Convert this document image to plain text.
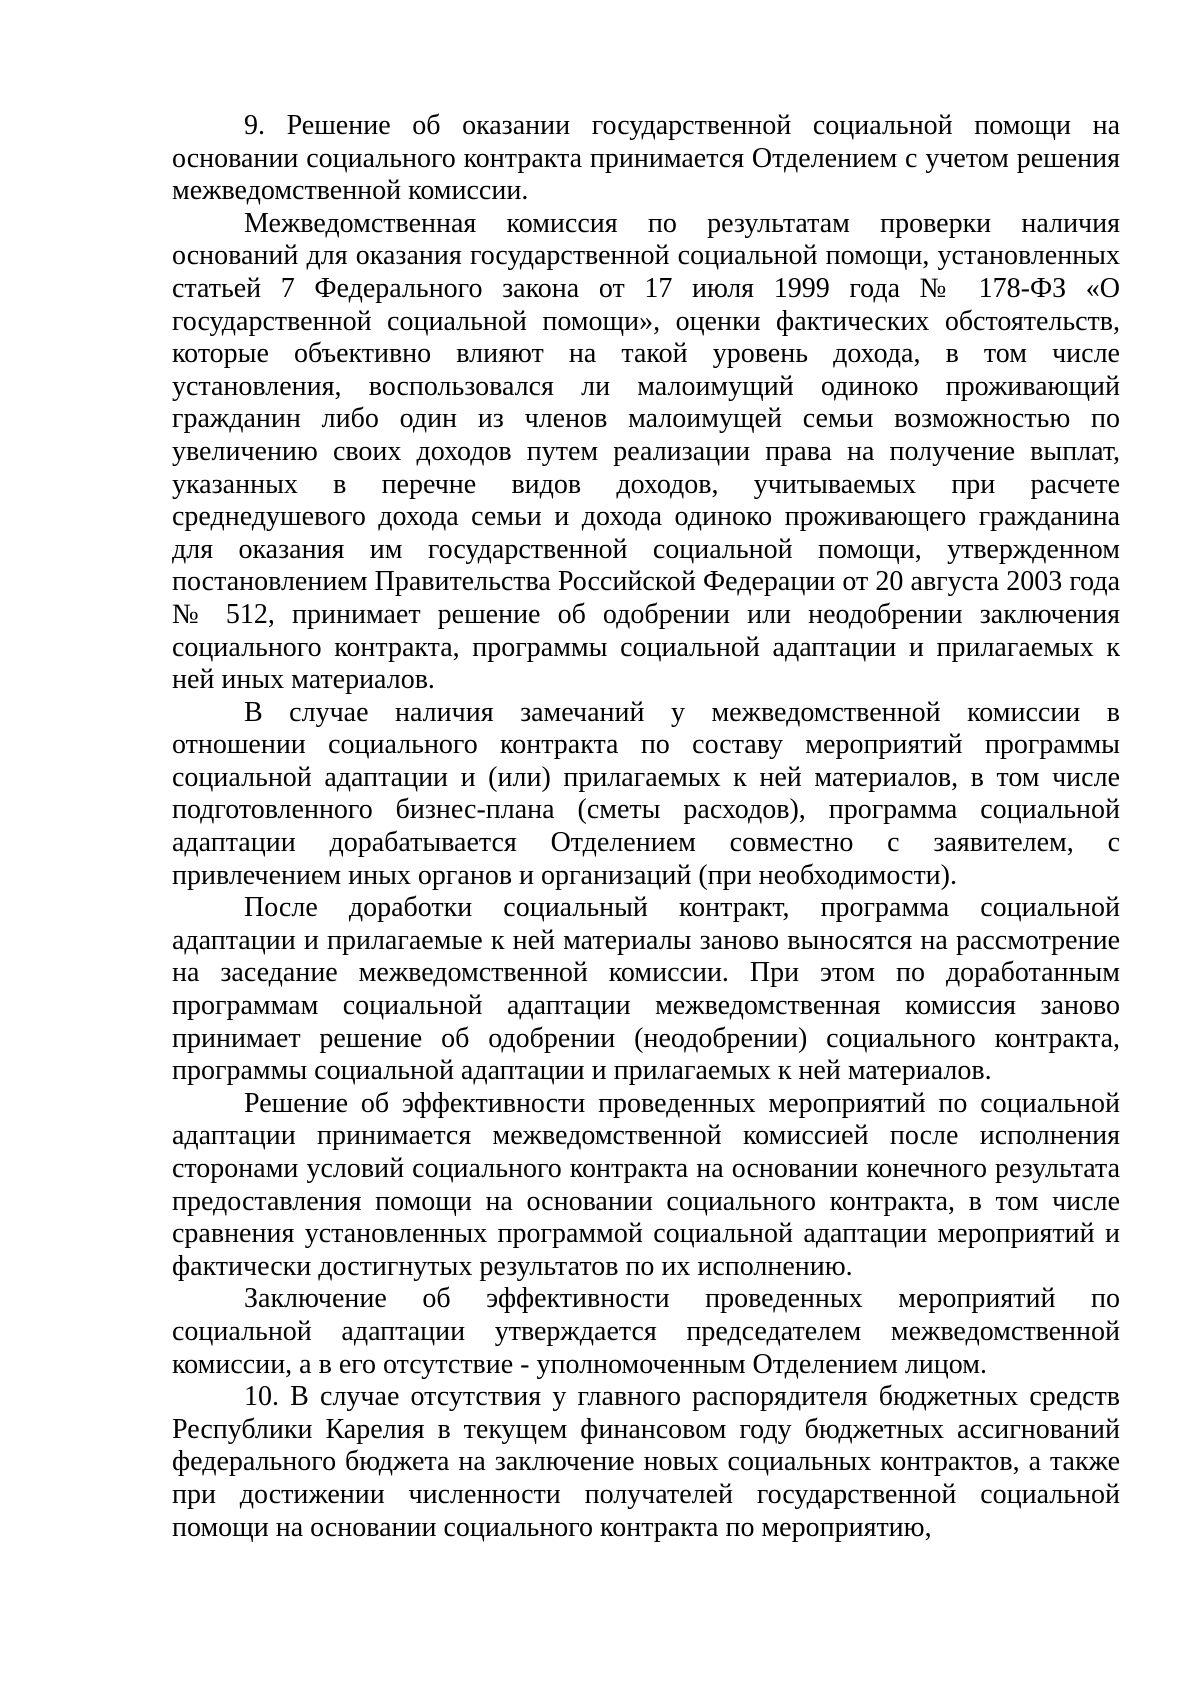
9. Решение об оказании государственной социальной помощи на основании социального контракта принимается Отделением с учетом решения межведомственной комиссии.

Межведомственная комиссия по результатам проверки наличия оснований для оказания государственной социальной помощи, установленных статьей 7 Федерального закона от 17 июля 1999 года № 178-ФЗ «О государственной социальной помощи», оценки фактических обстоятельств, которые объективно влияют на такой уровень дохода, в том числе установления, воспользовался ли малоимущий одиноко проживающий гражданин либо один из членов малоимущей семьи возможностью по увеличению своих доходов путем реализации права на получение выплат, указанных в перечне видов доходов, учитываемых при расчете среднедушевого дохода семьи и дохода одиноко проживающего гражданина для оказания им государственной социальной помощи, утвержденном постановлением Правительства Российской Федерации от 20 августа 2003 года № 512, принимает решение об одобрении или неодобрении заключения социального контракта, программы социальной адаптации и прилагаемых к ней иных материалов.

В случае наличия замечаний у межведомственной комиссии в отношении социального контракта по составу мероприятий программы социальной адаптации и (или) прилагаемых к ней материалов, в том числе подготовленного бизнес-плана (сметы расходов), программа социальной адаптации дорабатывается Отделением совместно с заявителем, с привлечением иных органов и организаций (при необходимости).

После доработки социальный контракт, программа социальной адаптации и прилагаемые к ней материалы заново выносятся на рассмотрение на заседание межведомственной комиссии. При этом по доработанным программам социальной адаптации межведомственная комиссия заново принимает решение об одобрении (неодобрении) социального контракта, программы социальной адаптации и прилагаемых к ней материалов.

Решение об эффективности проведенных мероприятий по социальной адаптации принимается межведомственной комиссией после исполнения сторонами условий социального контракта на основании конечного результата предоставления помощи на основании социального контракта, в том числе сравнения установленных программой социальной адаптации мероприятий и фактически достигнутых результатов по их исполнению.

Заключение об эффективности проведенных мероприятий по социальной адаптации утверждается председателем межведомственной комиссии, а в его отсутствие - уполномоченным Отделением лицом.

10. В случае отсутствия у главного распорядителя бюджетных средств Республики Карелия в текущем финансовом году бюджетных ассигнований федерального бюджета на заключение новых социальных контрактов, а также при достижении численности получателей государственной социальной помощи на основании социального контракта по мероприятию,
